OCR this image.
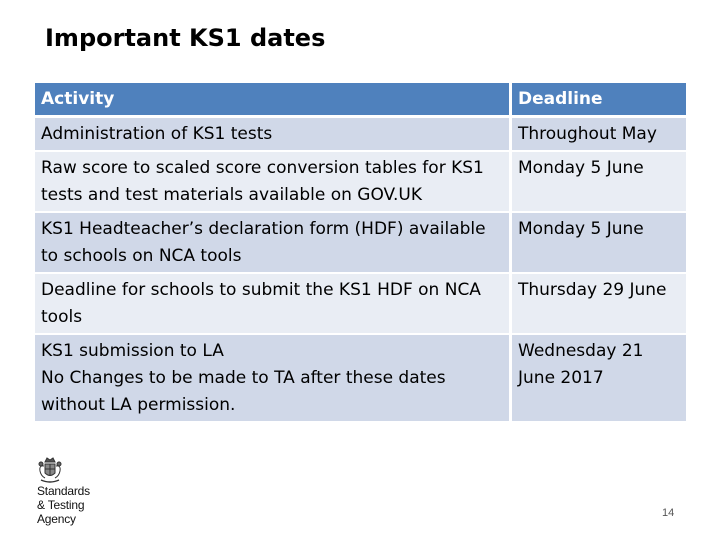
Important KS1 dates
Activity	Deadline
Administration of KS1 tests	Throughout May
Raw score to scaled score conversion tables for KS1 tests and test materials available on GOV.UK	Monday 5 June
KS1 Headteacher’s declaration form (HDF) available to schools on NCA tools	Monday 5 June
Deadline for schools to submit the KS1 HDF on NCA tools	Thursday 29 June

KS1 submission to LA
No Changes to be made to TA after these dates without LA permission.	Wednesday 21 June 2017
Standards
& Testing
Agency	14
